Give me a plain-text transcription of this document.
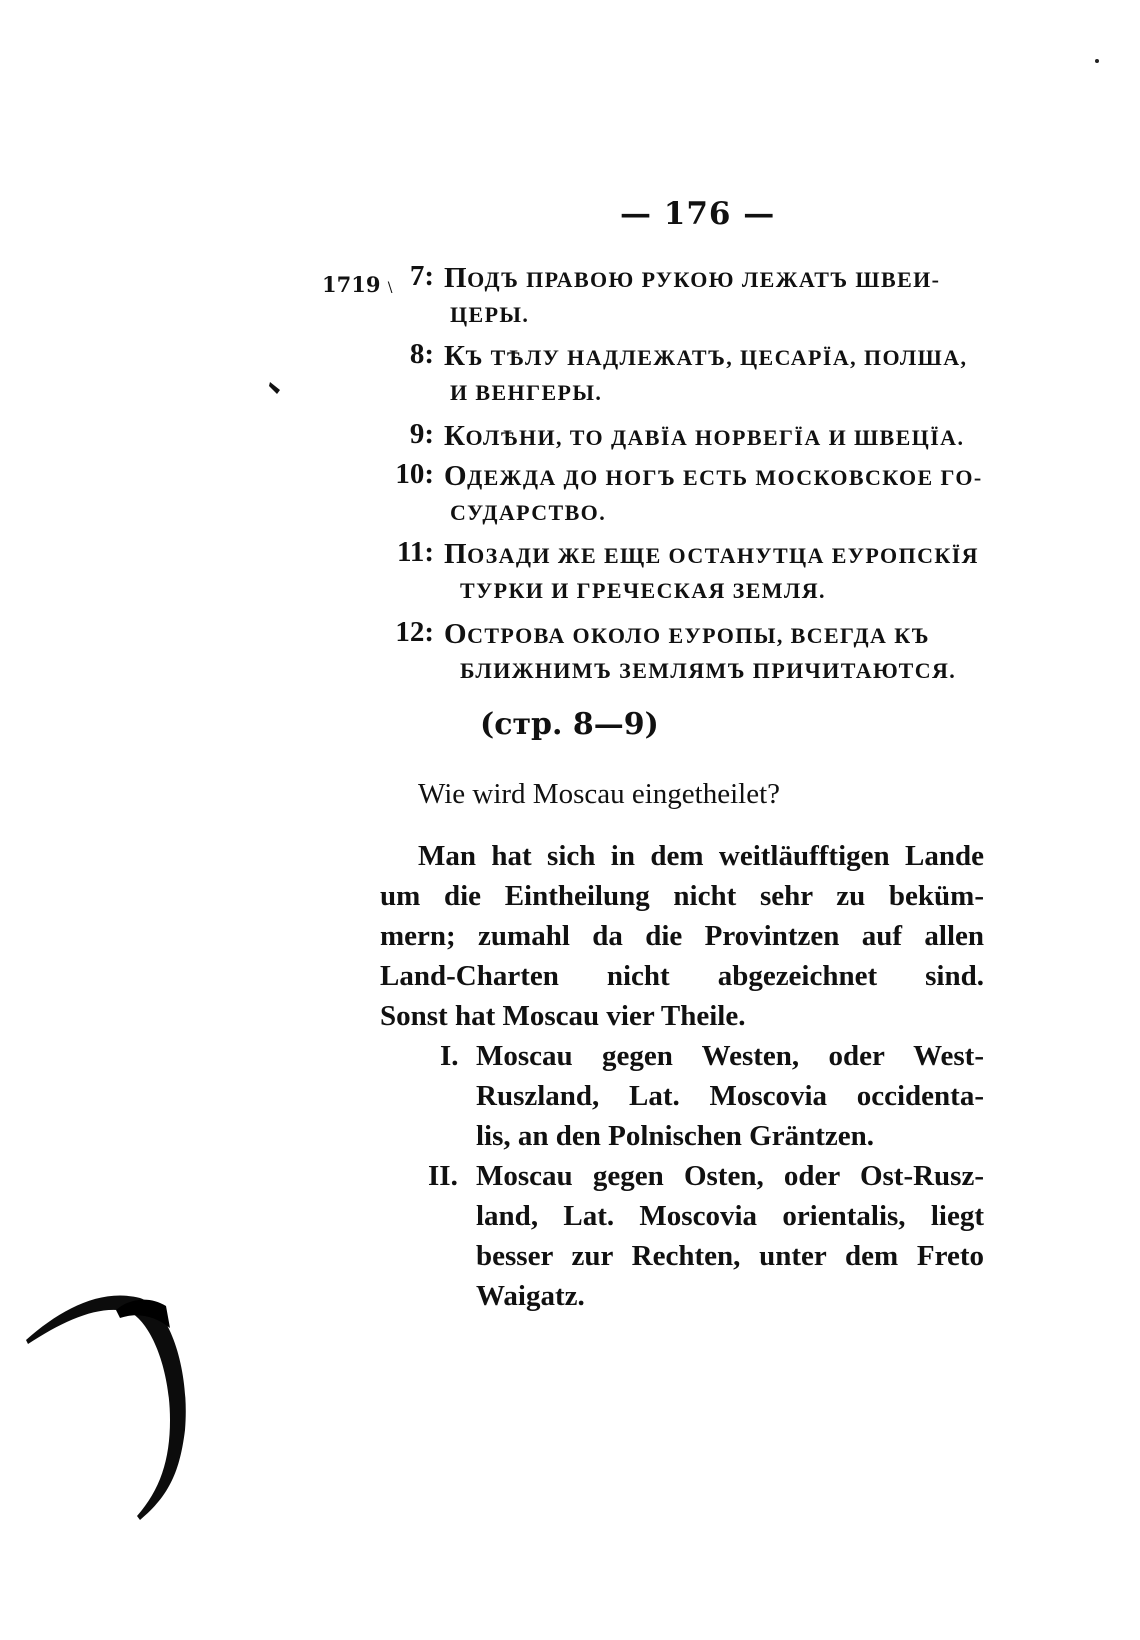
— 176 —
1719 \ 7: ПОДЪ ПРАВОЮ РУКОЮ ЛЕЖАТЪ ШВЕИ-
ЦЕРЫ.
8: КЪ ТѢЛУ НАДЛЕЖАТЪ, ЦЕСАРЇА, ПОЛША,
И ВЕНГЕРЫ.
9: КОЛѢНИ, ТО ДАВЇА НОРВЕГЇА И ШВЕЦЇА.
10: ОДЕЖДА ДО НОГЪ ЕСТЬ МОСКОВСКОЕ ГО-
СУДАРСТВО.
11: ПОЗАДИ ЖЕ ЕЩЕ ОСТАНУТЦА ЕУРОПСКЇЯ
ТУРКИ И ГРЕЧЕСКАЯ ЗЕМЛЯ.
12: ОСТРОВА ОКОЛО ЕУРОПЫ, ВСЕГДА КЪ
БЛИЖНИМЪ ЗЕМЛЯМЪ ПРИЧИТАЮТСЯ.
(стр. 8—9)
Wie wird Moscau eingetheilet?
Man hat sich in dem weitläufftigen Lande
um die Eintheilung nicht sehr zu beküm-
mern; zumahl da die Provintzen auf allen
Land-Charten nicht abgezeichnet sind.
Sonst hat Moscau vier Theile.
I. Moscau gegen Westen, oder West-
Ruszland, Lat. Moscovia occidenta-
lis, an den Polnischen Gräntzen.
II. Moscau gegen Osten, oder Ost-Rusz-
land, Lat. Moscovia orientalis, liegt
besser zur Rechten, unter dem Freto
Waigatz.
